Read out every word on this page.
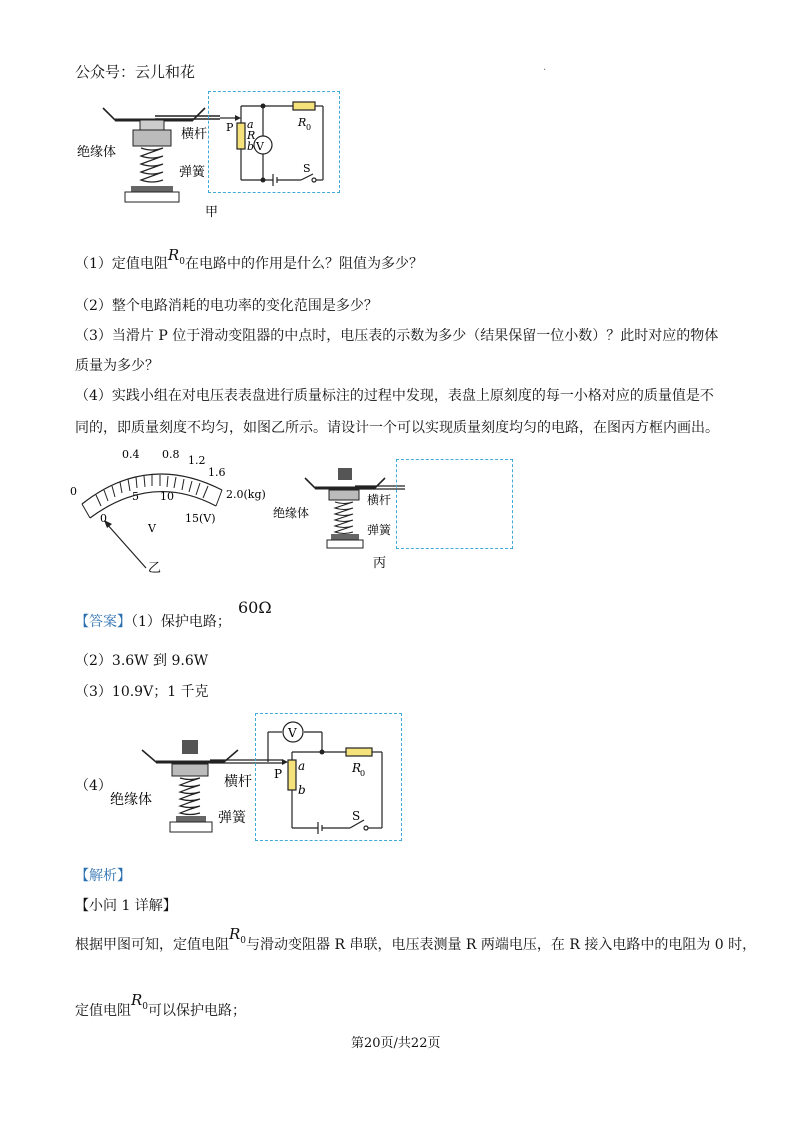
公众号：云儿和花	.
V
P a
R
b
R 0
S
横杆
绝缘体
弹簧
甲
（1）定值电阻$R^0$在电路中的作用是什么？阻值为多少？
（2）整个电路消耗的电功率的变化范围是多少？
（3）当滑片 P 位于滑动变阻器的中点时，电压表的示数为多少（结果保留一位小数）？此时对应的物体
质量为多少？
（4）实践小组在对电压表表盘进行质量标注的过程中发现，表盘上原刻度的每一小格对应的质量值是不
同的，即质量刻度不均匀，如图乙所示。请设计一个可以实现质量刻度均匀的电路，在图丙方框内画出。
0
0.4 0.8 1.2
1.6
2.0(kg)
5 10
15(V)
0
V
乙
绝缘体
横杆
弹簧
丙
【答案】（1）保护电路；
60Ω
（2）3.6W 到 9.6W
（3）10.9V；1 千克
（4）
V
P
a
b
R
0
S
横杆
绝缘体
弹簧
【解析】
【小问 1 详解】
根据甲图可知，定值电阻$R^0$与滑动变阻器 R 串联，电压表测量 R 两端电压，在 R 接入电路中的电阻为 0 时，
定值电阻$R^0$可以保护电路；
第20页/共22页
